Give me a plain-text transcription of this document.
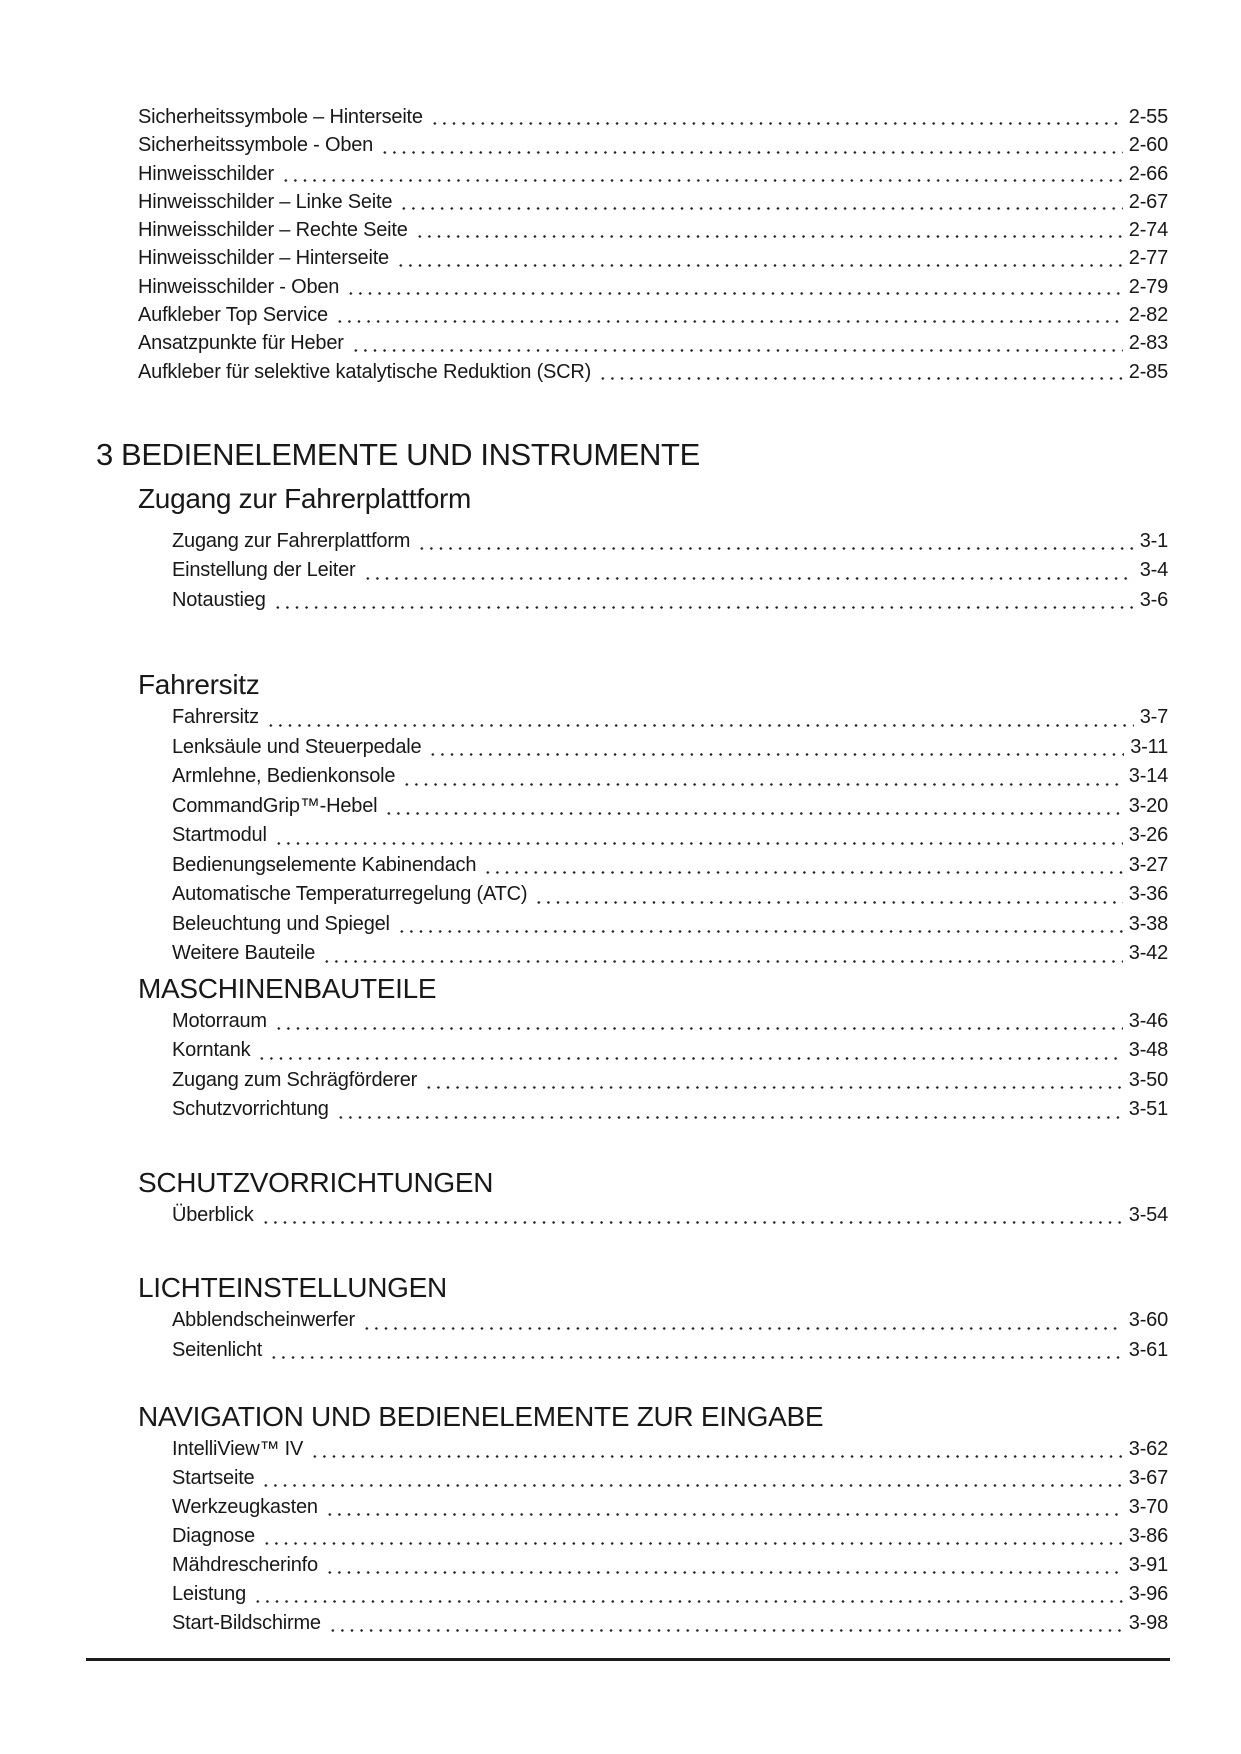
Sicherheitssymbole – Hinterseite	2-55
Sicherheitssymbole - Oben	2-60
Hinweisschilder	2-66
Hinweisschilder – Linke Seite	2-67
Hinweisschilder – Rechte Seite	2-74
Hinweisschilder – Hinterseite	2-77
Hinweisschilder - Oben	2-79
Aufkleber Top Service	2-82
Ansatzpunkte für Heber	2-83
Aufkleber für selektive katalytische Reduktion (SCR)	2-85
3 BEDIENELEMENTE UND INSTRUMENTE
Zugang zur Fahrerplattform
Zugang zur Fahrerplattform	3-1
Einstellung der Leiter	3-4
Notaustieg	3-6
Fahrersitz
Fahrersitz	3-7
Lenksäule und Steuerpedale	3-11
Armlehne, Bedienkonsole	3-14
CommandGrip™-Hebel	3-20
Startmodul	3-26
Bedienungselemente Kabinendach	3-27
Automatische Temperaturregelung (ATC)	3-36
Beleuchtung und Spiegel	3-38
Weitere Bauteile	3-42
MASCHINENBAUTEILE
Motorraum	3-46
Korntank	3-48
Zugang zum Schrägförderer	3-50
Schutzvorrichtung	3-51
SCHUTZVORRICHTUNGEN
Überblick	3-54
LICHTEINSTELLUNGEN
Abblendscheinwerfer	3-60
Seitenlicht	3-61
NAVIGATION UND BEDIENELEMENTE ZUR EINGABE
IntelliView™ IV	3-62
Startseite	3-67
Werkzeugkasten	3-70
Diagnose	3-86
Mähdrescherinfo	3-91
Leistung	3-96
Start-Bildschirme	3-98
